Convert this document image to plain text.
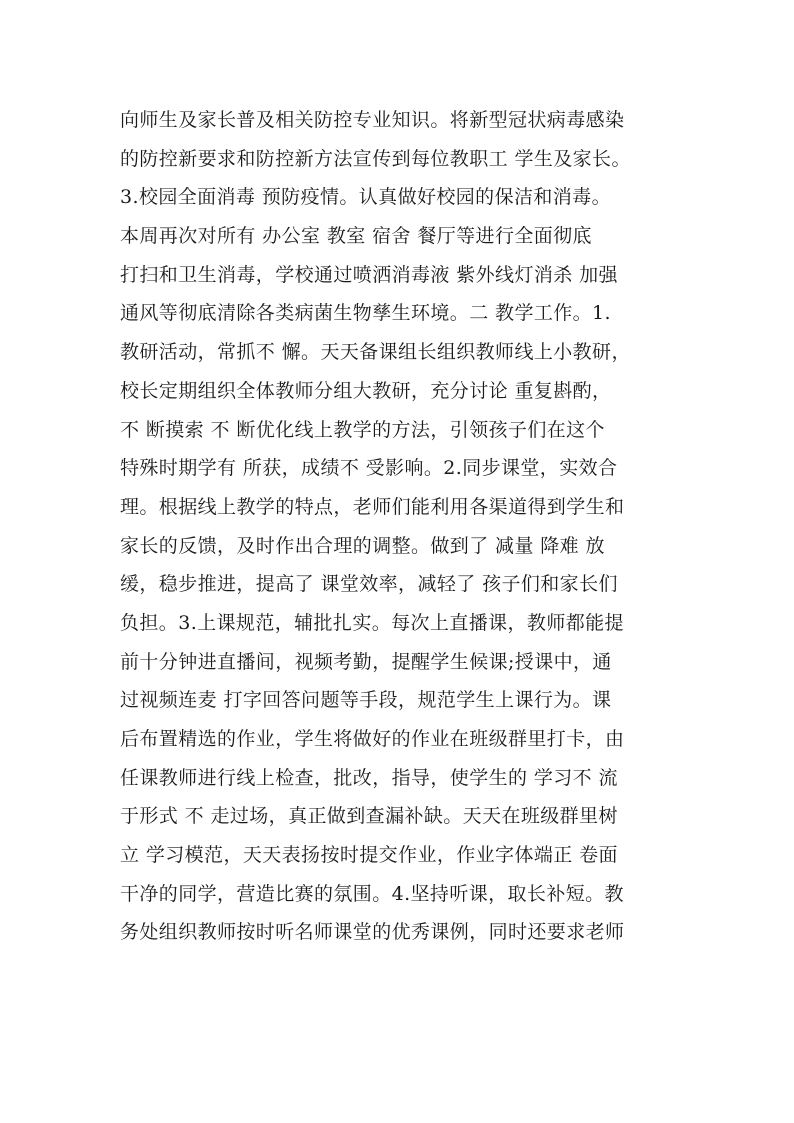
向师生及家长普及相关防控专业知识。将新型冠状病毒感染
的防控新要求和防控新方法宣传到每位教职工 学生及家长。
3.校园全面消毒 预防疫情。认真做好校园的保洁和消毒。
本周再次对所有 办公室 教室 宿舍 餐厅等进行全面彻底
打扫和卫生消毒，学校通过喷洒消毒液 紫外线灯消杀 加强
通风等彻底清除各类病菌生物孳生环境。二 教学工作。1.
教研活动，常抓不 懈。天天备课组长组织教师线上小教研，
校长定期组织全体教师分组大教研，充分讨论 重复斟酌，
不 断摸索 不 断优化线上教学的方法，引领孩子们在这个
特殊时期学有 所获，成绩不 受影响。2.同步课堂，实效合
理。根据线上教学的特点，老师们能利用各渠道得到学生和
家长的反馈，及时作出合理的调整。做到了 减量 降难 放
缓，稳步推进，提高了 课堂效率，减轻了 孩子们和家长们
负担。3.上课规范，辅批扎实。每次上直播课，教师都能提
前十分钟进直播间，视频考勤，提醒学生候课;授课中，通
过视频连麦 打字回答问题等手段，规范学生上课行为。课
后布置精选的作业，学生将做好的作业在班级群里打卡，由
任课教师进行线上检查，批改，指导，使学生的 学习不 流
于形式 不 走过场，真正做到查漏补缺。天天在班级群里树
立 学习模范，天天表扬按时提交作业，作业字体端正 卷面
干净的同学，营造比赛的氛围。4.坚持听课，取长补短。教
务处组织教师按时听名师课堂的优秀课例，同时还要求老师
